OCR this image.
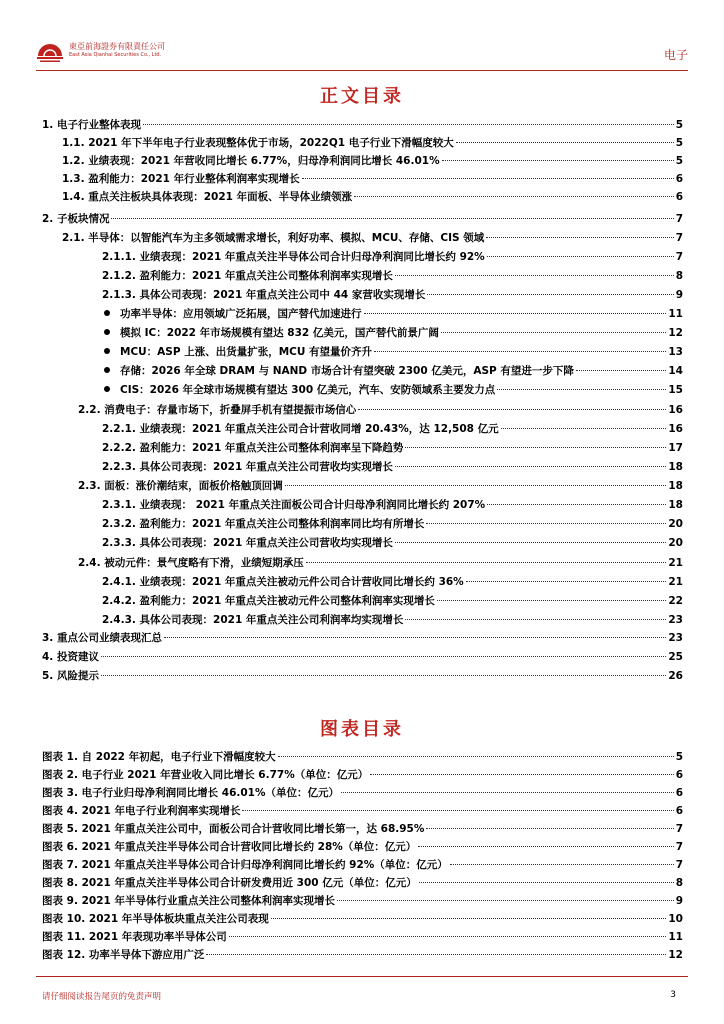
東亞前海證券有限責任公司
East Asia Qianhai Securities Co., Ltd.	电子
正文目录
1. 电子行业整体表现	5
1.1. 2021 年下半年电子行业表现整体优于市场，2022Q1 电子行业下滑幅度较大	5
1.2. 业绩表现：2021 年营收同比增长 6.77%，归母净利润同比增长 46.01%	5
1.3. 盈利能力：2021 年行业整体利润率实现增长	6
1.4. 重点关注板块具体表现：2021 年面板、半导体业绩领涨	6
2. 子板块情况	7
2.1. 半导体：以智能汽车为主多领域需求增长，利好功率、模拟、MCU、存储、CIS 领域	7
2.1.1. 业绩表现：2021 年重点关注半导体公司合计归母净利润同比增长约 92%	7
2.1.2. 盈利能力：2021 年重点关注公司整体利润率实现增长	8
2.1.3. 具体公司表现：2021 年重点关注公司中 44 家营收实现增长	9
功率半导体：应用领域广泛拓展，国产替代加速进行	11
模拟 IC：2022 年市场规模有望达 832 亿美元，国产替代前景广阔	12
MCU：ASP 上涨、出货量扩张，MCU 有望量价齐升	13
存储：2026 年全球 DRAM 与 NAND 市场合计有望突破 2300 亿美元，ASP 有望进一步下降	14
CIS：2026 年全球市场规模有望达 300 亿美元，汽车、安防领域系主要发力点	15
2.2. 消费电子：存量市场下，折叠屏手机有望提振市场信心	16
2.2.1. 业绩表现：2021 年重点关注公司合计营收同增 20.43%，达 12,508 亿元	16
2.2.2. 盈利能力：2021 年重点关注公司整体利润率呈下降趋势	17
2.2.3. 具体公司表现：2021 年重点关注公司营收均实现增长	18
2.3. 面板：涨价潮结束，面板价格触顶回调	18
2.3.1. 业绩表现： 2021 年重点关注面板公司合计归母净利润同比增长约 207%	18
2.3.2. 盈利能力：2021 年重点关注公司整体利润率同比均有所增长	20
2.3.3. 具体公司表现：2021 年重点关注公司营收均实现增长	20
2.4. 被动元件：景气度略有下滑，业绩短期承压	21
2.4.1. 业绩表现：2021 年重点关注被动元件公司合计营收同比增长约 36%	21
2.4.2. 盈利能力：2021 年重点关注被动元件公司整体利润率实现增长	22
2.4.3. 具体公司表现：2021 年重点关注公司利润率均实现增长	23
3. 重点公司业绩表现汇总	23
4. 投资建议	25
5. 风险提示	26
图表目录
图表 1. 自 2022 年初起，电子行业下滑幅度较大	5
图表 2. 电子行业 2021 年营业收入同比增长 6.77%（单位：亿元）	6
图表 3. 电子行业归母净利润同比增长 46.01%（单位：亿元）	6
图表 4. 2021 年电子行业利润率实现增长	6
图表 5. 2021 年重点关注公司中，面板公司合计营收同比增长第一，达 68.95%	7
图表 6. 2021 年重点关注半导体公司合计营收同比增长约 28%（单位：亿元）	7
图表 7. 2021 年重点关注半导体公司合计归母净利润同比增长约 92%（单位：亿元）	7
图表 8. 2021 年重点关注半导体公司合计研发费用近 300 亿元（单位：亿元）	8
图表 9. 2021 年半导体行业重点关注公司整体利润率实现增长	9
图表 10. 2021 年半导体板块重点关注公司表现	10
图表 11. 2021 年表现功率半导体公司	11
图表 12. 功率半导体下游应用广泛	12
请仔细阅读报告尾页的免责声明	3
